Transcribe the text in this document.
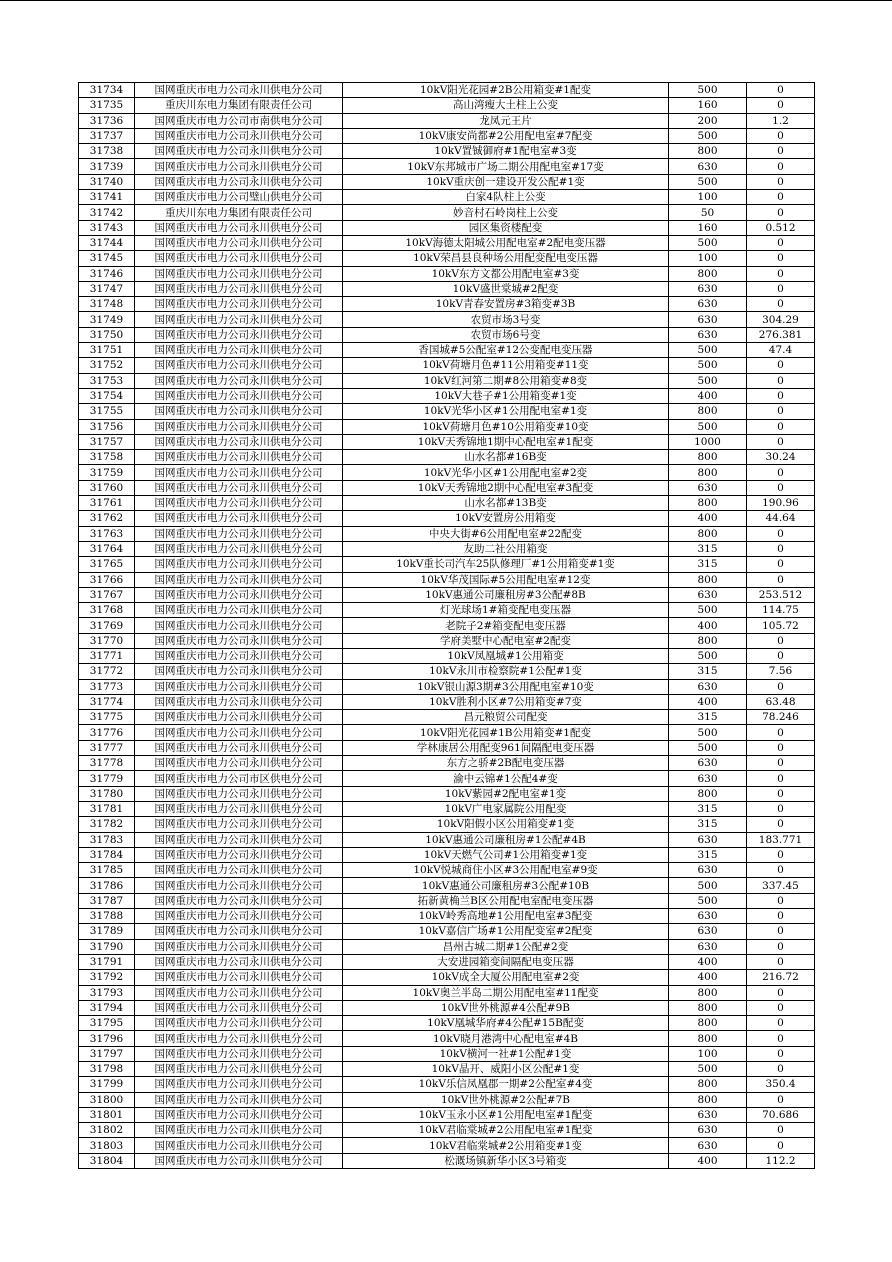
31734	国网重庆市电力公司永川供电分公司	10kV阳光花园#2B公用箱变#1配变	500	0
31735	重庆川东电力集团有限责任公司	高山湾瘦大土柱上公变	160	0
31736	国网重庆市电力公司市南供电分公司	龙凤元王片	200	1.2
31737	国网重庆市电力公司永川供电分公司	10kV康安尚都#2公用配电室#7配变	500	0
31738	国网重庆市电力公司永川供电分公司	10kV置铖御府#1配电室#3变	800	0
31739	国网重庆市电力公司永川供电分公司	10kV东邦城市广场二期公用配电室#17变	630	0
31740	国网重庆市电力公司永川供电分公司	10kV重庆创一建设开发公配#1变	500	0
31741	国网重庆市电力公司璧山供电分公司	白家4队柱上公变	100	0
31742	重庆川东电力集团有限责任公司	妙音村石岭岗柱上公变	50	0
31743	国网重庆市电力公司永川供电分公司	园区集资楼配变	160	0.512
31744	国网重庆市电力公司永川供电分公司	10kV海德太阳城公用配电室#2配电变压器	500	0
31745	国网重庆市电力公司永川供电分公司	10kV荣昌县良种场公用配变配电变压器	100	0
31746	国网重庆市电力公司永川供电分公司	10kV东方文都公用配电室#3变	800	0
31747	国网重庆市电力公司永川供电分公司	10kV盛世棠城#2配变	630	0
31748	国网重庆市电力公司永川供电分公司	10kV青春安置房#3箱变#3B	630	0
31749	国网重庆市电力公司永川供电分公司	农贸市场3号变	630	304.29
31750	国网重庆市电力公司永川供电分公司	农贸市场6号变	630	276.381
31751	国网重庆市电力公司永川供电分公司	香国城#5公配室#12公变配电变压器	500	47.4
31752	国网重庆市电力公司永川供电分公司	10kV荷塘月色#11公用箱变#11变	500	0
31753	国网重庆市电力公司永川供电分公司	10kV红河第二期#8公用箱变#8变	500	0
31754	国网重庆市电力公司永川供电分公司	10kV大巷子#1公用箱变#1变	400	0
31755	国网重庆市电力公司永川供电分公司	10kV光华小区#1公用配电室#1变	800	0
31756	国网重庆市电力公司永川供电分公司	10kV荷塘月色#10公用箱变#10变	500	0
31757	国网重庆市电力公司永川供电分公司	10kV天秀锦地1期中心配电室#1配变	1000	0
31758	国网重庆市电力公司永川供电分公司	山水名都#16B变	800	30.24
31759	国网重庆市电力公司永川供电分公司	10kV光华小区#1公用配电室#2变	800	0
31760	国网重庆市电力公司永川供电分公司	10kV天秀锦地2期中心配电室#3配变	630	0
31761	国网重庆市电力公司永川供电分公司	山水名都#13B变	800	190.96
31762	国网重庆市电力公司永川供电分公司	10kV安置房公用箱变	400	44.64
31763	国网重庆市电力公司永川供电分公司	中央大街#6公用配电室#22配变	800	0
31764	国网重庆市电力公司永川供电分公司	友助二社公用箱变	315	0
31765	国网重庆市电力公司永川供电分公司	10kV重长司汽车25队修理厂#1公用箱变#1变	315	0
31766	国网重庆市电力公司永川供电分公司	10kV华茂国际#5公用配电室#12变	800	0
31767	国网重庆市电力公司永川供电分公司	10kV惠通公司廉租房#3公配#8B	630	253.512
31768	国网重庆市电力公司永川供电分公司	灯光球场1#箱变配电变压器	500	114.75
31769	国网重庆市电力公司永川供电分公司	老院子2#箱变配电变压器	400	105.72
31770	国网重庆市电力公司永川供电分公司	学府美墅中心配电室#2配变	800	0
31771	国网重庆市电力公司永川供电分公司	10kV凤凰城#1公用箱变	500	0
31772	国网重庆市电力公司永川供电分公司	10kV永川市检察院#1公配#1变	315	7.56
31773	国网重庆市电力公司永川供电分公司	10kV银山源3期#3公用配电室#10变	630	0
31774	国网重庆市电力公司永川供电分公司	10kV胜利小区#7公用箱变#7变	400	63.48
31775	国网重庆市电力公司永川供电分公司	昌元粮贸公司配变	315	78.246
31776	国网重庆市电力公司永川供电分公司	10kV阳光花园#1B公用箱变#1配变	500	0
31777	国网重庆市电力公司永川供电分公司	学林康居公用配变961间隔配电变压器	500	0
31778	国网重庆市电力公司永川供电分公司	东方之骄#2B配电变压器	630	0
31779	国网重庆市电力公司市区供电分公司	渝中云锦#1公配4#变	630	0
31780	国网重庆市电力公司永川供电分公司	10kV紫园#2配电室#1变	800	0
31781	国网重庆市电力公司永川供电分公司	10kV广电家属院公用配变	315	0
31782	国网重庆市电力公司永川供电分公司	10kV阳假小区公用箱变#1变	315	0
31783	国网重庆市电力公司永川供电分公司	10kV惠通公司廉租房#1公配#4B	630	183.771
31784	国网重庆市电力公司永川供电分公司	10kV天燃气公司#1公用箱变#1变	315	0
31785	国网重庆市电力公司永川供电分公司	10kV悦城商住小区#3公用配电室#9变	630	0
31786	国网重庆市电力公司永川供电分公司	10kV惠通公司廉租房#3公配#10B	500	337.45
31787	国网重庆市电力公司永川供电分公司	拓新黄桷兰B区公用配电室配电变压器	500	0
31788	国网重庆市电力公司永川供电分公司	10kV岭秀高地#1公用配电室#3配变	630	0
31789	国网重庆市电力公司永川供电分公司	10kV嘉信广场#1公用配变室#2配变	630	0
31790	国网重庆市电力公司永川供电分公司	昌州古城二期#1公配#2变	630	0
31791	国网重庆市电力公司永川供电分公司	大安进园箱变间隔配电变压器	400	0
31792	国网重庆市电力公司永川供电分公司	10kV成全大厦公用配电室#2变	400	216.72
31793	国网重庆市电力公司永川供电分公司	10kV奥兰半岛二期公用配电室#11配变	800	0
31794	国网重庆市电力公司永川供电分公司	10kV世外桃源#4公配#9B	800	0
31795	国网重庆市电力公司永川供电分公司	10kV凰城华府#4公配#15B配变	800	0
31796	国网重庆市电力公司永川供电分公司	10kV晓月港湾中心配电室#4B	800	0
31797	国网重庆市电力公司永川供电分公司	10kV横河一社#1公配#1变	100	0
31798	国网重庆市电力公司永川供电分公司	10kV晶开、威阳小区公配#1变	500	0
31799	国网重庆市电力公司永川供电分公司	10kV乐信凤凰郡一期#2公配室#4变	800	350.4
31800	国网重庆市电力公司永川供电分公司	10kV世外桃源#2公配#7B	800	0
31801	国网重庆市电力公司永川供电分公司	10kV玉永小区#1公用配电室#1配变	630	70.686
31802	国网重庆市电力公司永川供电分公司	10kV君临棠城#2公用配电室#1配变	630	0
31803	国网重庆市电力公司永川供电分公司	10kV君临棠城#2公用箱变#1变	630	0
31804	国网重庆市电力公司永川供电分公司	松溉场镇新华小区3号箱变	400	112.2
